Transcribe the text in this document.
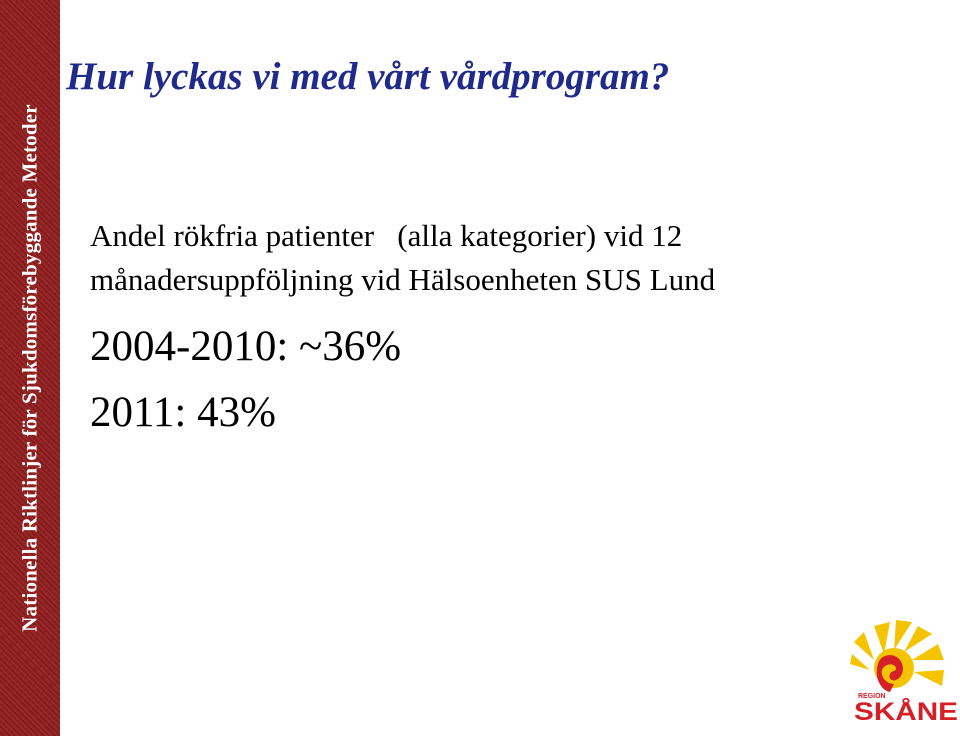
Nationella Riktlinjer för Sjukdomsförebyggande Metoder
Hur lyckas vi med vårt vårdprogram?
Andel rökfria patienter   (alla kategorier) vid 12
månadersuppföljning vid Hälsoenheten SUS Lund
2004-2010: ~36%
2011: 43%
REGION
SKÅNE
